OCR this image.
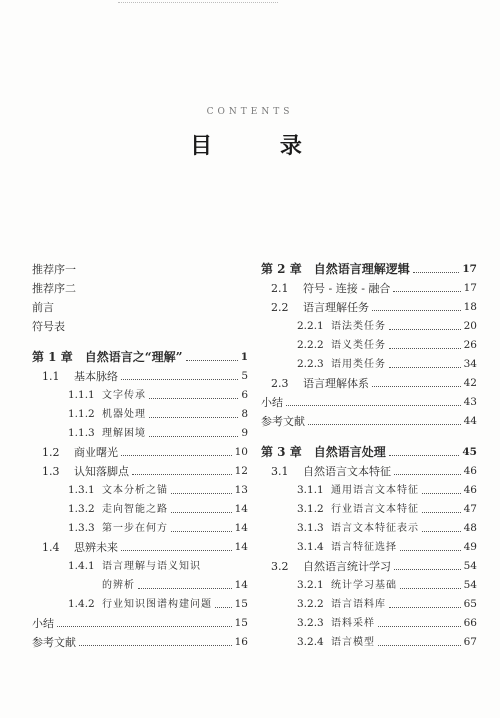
CONTENTS
目 录
推荐序一
推荐序二
前言
符号表
第 1 章 自然语言之“理解”	1
1.1	基本脉络	5
1.1.1 文字传承	6
1.1.2 机器处理	8
1.1.3 理解困境	9
1.2	商业曙光	10
1.3	认知落脚点	12
1.3.1 文本分析之锚	13
1.3.2 走向智能之路	14
1.3.3 第一步在何方	14
1.4	思辨未来	14
1.4.1 语言理解与语义知识
的辨析	14
1.4.2 行业知识图谱构建问题 15
小结	15
参考文献	16
第 2 章 自然语言理解逻辑	17
2.1	符号 - 连接 - 融合	17
2.2	语言理解任务	18
2.2.1 语法类任务	20
2.2.2 语义类任务	26
2.2.3 语用类任务	34
2.3	语言理解体系	42
小结	43
参考文献	44
第 3 章 自然语言处理	45
3.1	自然语言文本特征	46
3.1.1 通用语言文本特征	46
3.1.2 行业语言文本特征	47
3.1.3 语言文本特征表示	48
3.1.4 语言特征选择	49
3.2	自然语言统计学习	54
3.2.1 统计学习基础	54
3.2.2 语言语料库	65
3.2.3 语料采样	66
3.2.4 语言模型	67
